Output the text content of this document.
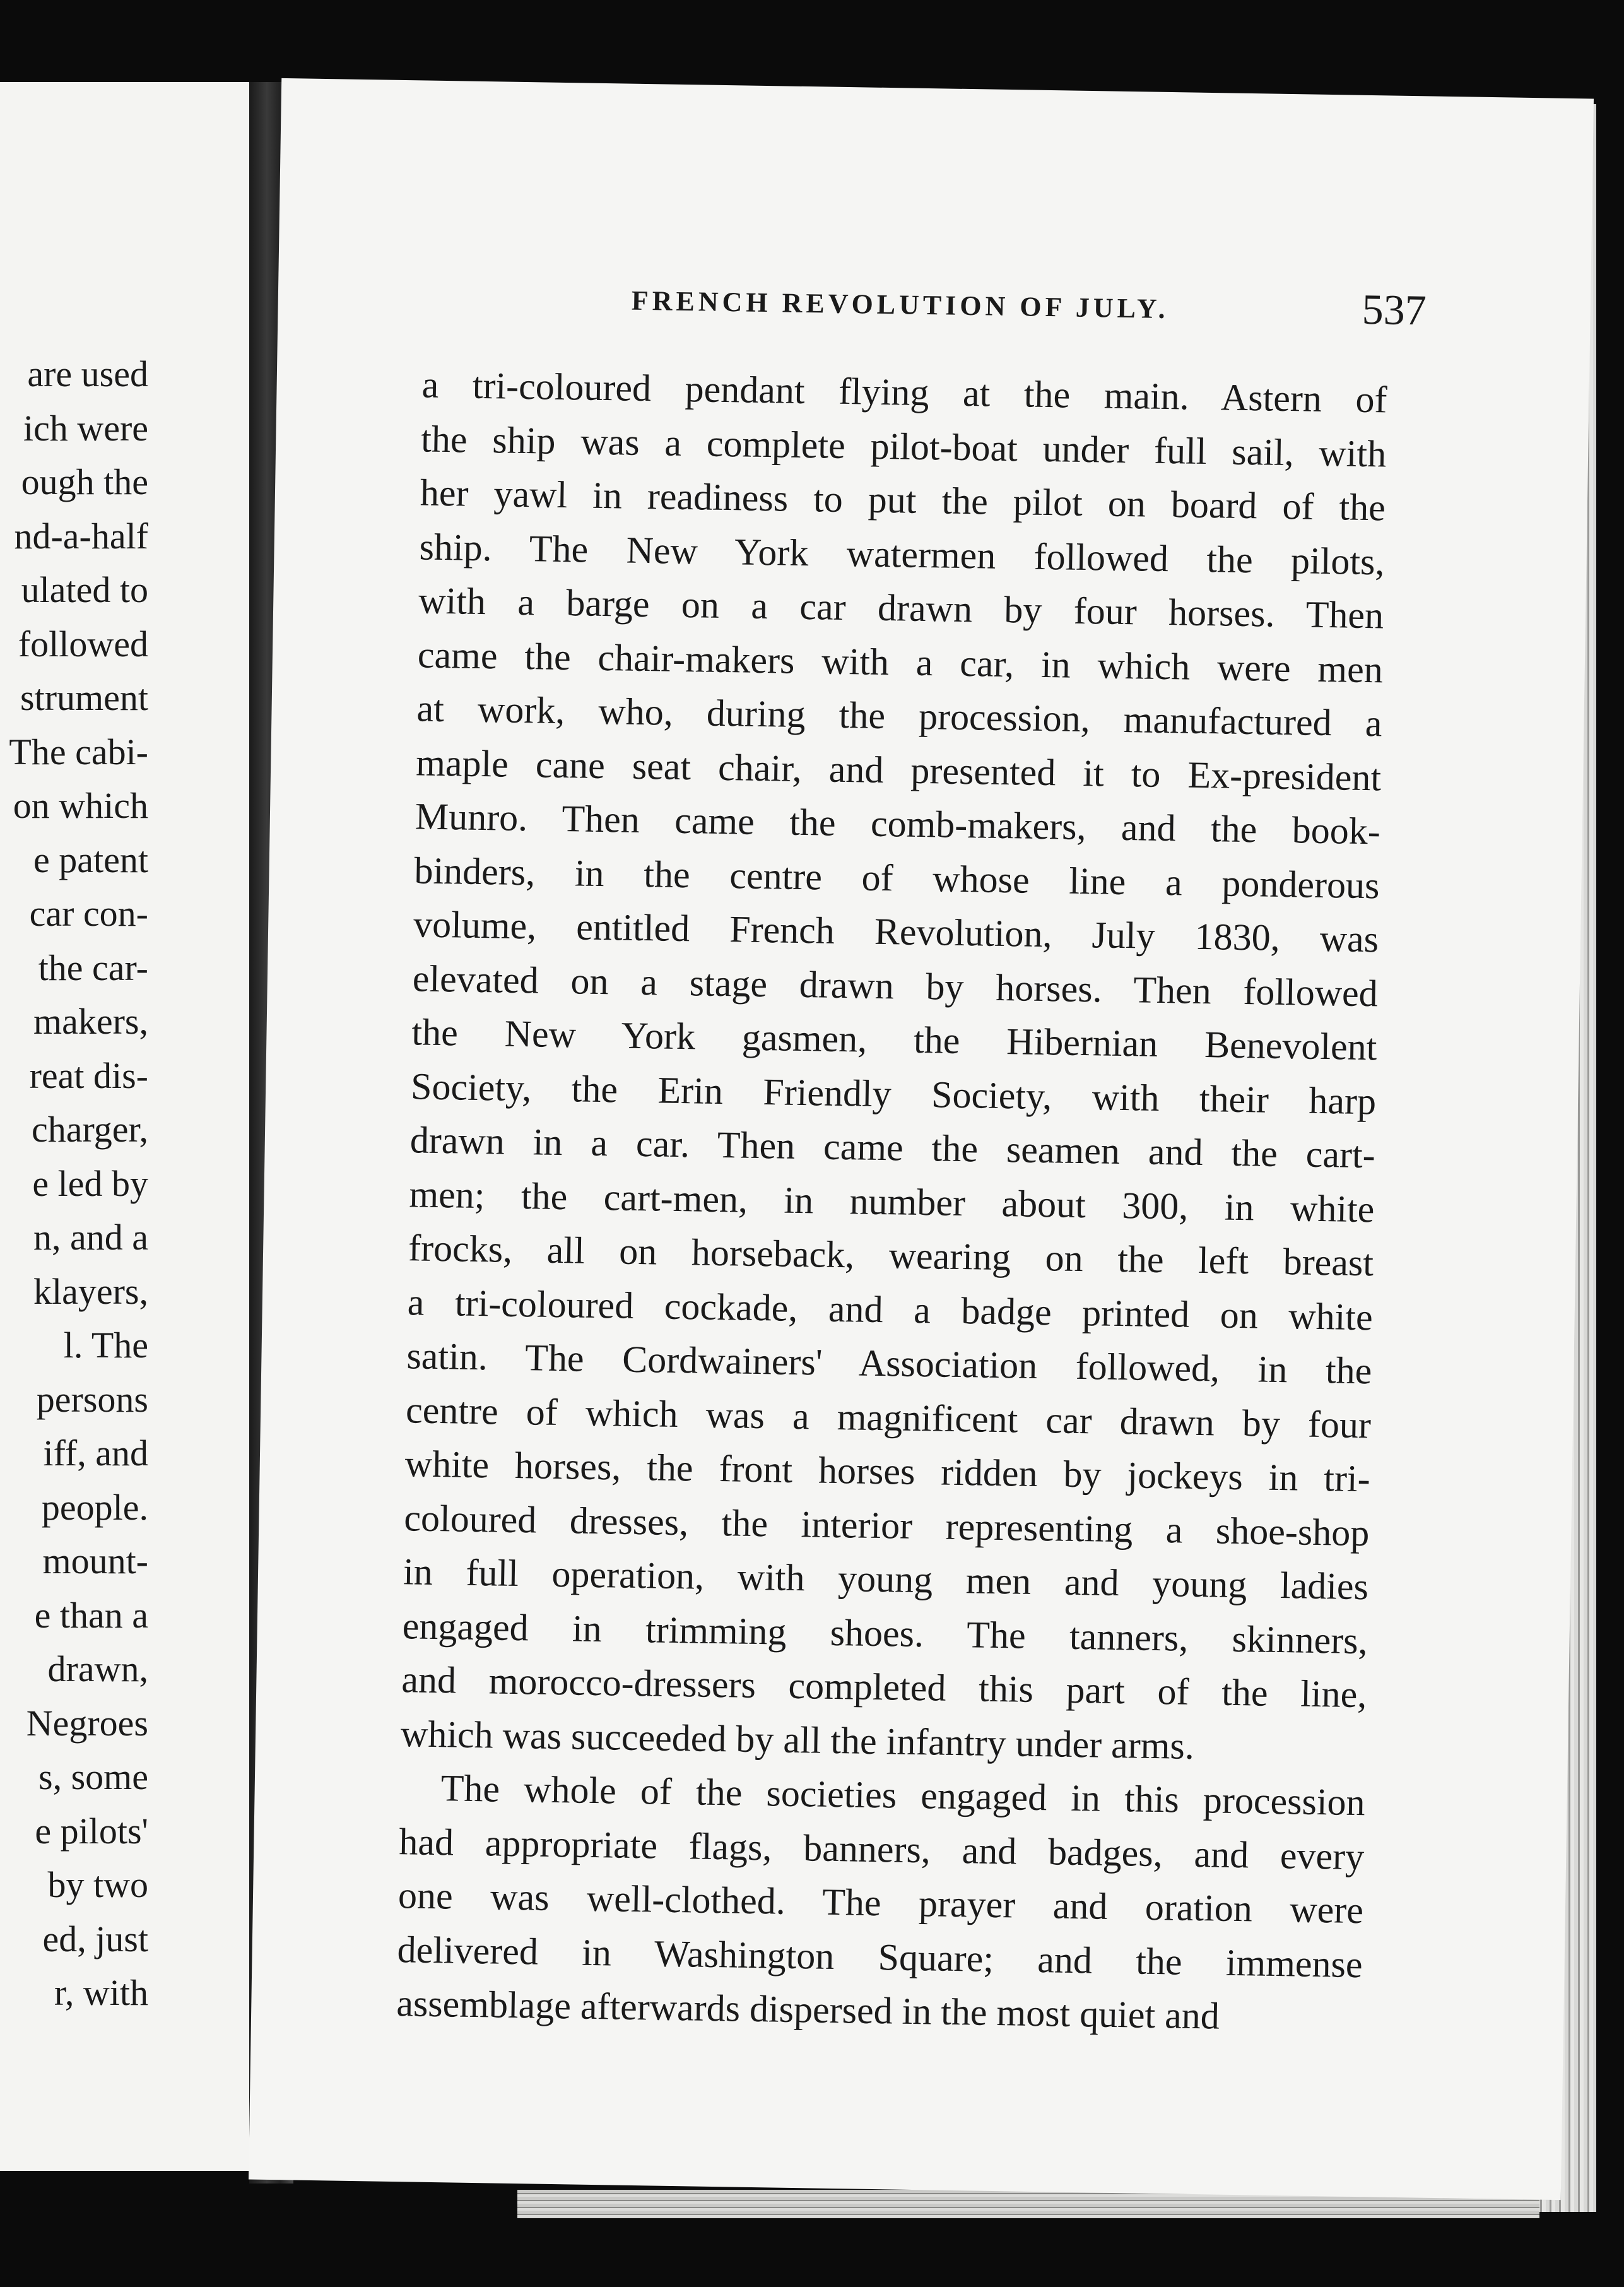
are used
ich were
ough the
nd-a-half
ulated to
followed
strument
The cabi-
on which
e patent
car con-
the car-
makers,
reat dis-
charger,
e led by
n, and a
klayers,
l. The
persons
iff, and
people.
mount-
e than a
drawn,
Negroes
s, some
e pilots'
by two
ed, just
r, with
FRENCH REVOLUTION OF JULY.	537
a tri-coloured pendant flying at the main. Astern of
the ship was a complete pilot-boat under full sail, with
her yawl in readiness to put the pilot on board of the
ship. The New York watermen followed the pilots,
with a barge on a car drawn by four horses. Then
came the chair-makers with a car, in which were men
at work, who, during the procession, manufactured a
maple cane seat chair, and presented it to Ex-president
Munro. Then came the comb-makers, and the book-
binders, in the centre of whose line a ponderous
volume, entitled French Revolution, July 1830, was
elevated on a stage drawn by horses. Then followed
the New York gasmen, the Hibernian Benevolent
Society, the Erin Friendly Society, with their harp
drawn in a car. Then came the seamen and the cart-
men; the cart-men, in number about 300, in white
frocks, all on horseback, wearing on the left breast
a tri-coloured cockade, and a badge printed on white
satin. The Cordwainers' Association followed, in the
centre of which was a magnificent car drawn by four
white horses, the front horses ridden by jockeys in tri-
coloured dresses, the interior representing a shoe-shop
in full operation, with young men and young ladies
engaged in trimming shoes. The tanners, skinners,
and morocco-dressers completed this part of the line,
which was succeeded by all the infantry under arms.
The whole of the societies engaged in this procession
had appropriate flags, banners, and badges, and every
one was well-clothed. The prayer and oration were
delivered in Washington Square; and the immense
assemblage afterwards dispersed in the most quiet and
